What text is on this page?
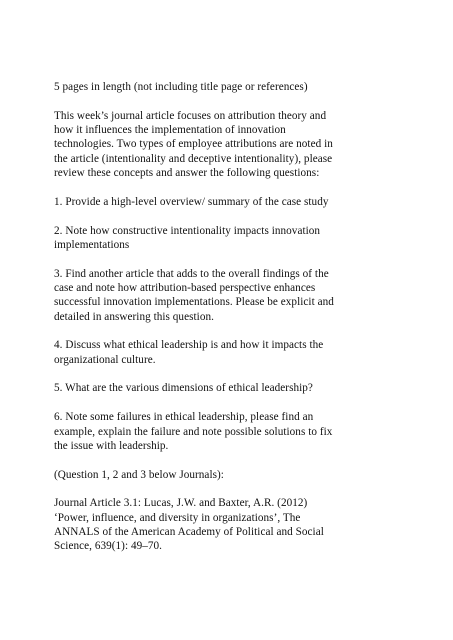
5 pages in length (not including title page or references)

This week’s journal article focuses on attribution theory and
how it influences the implementation of innovation
technologies. Two types of employee attributions are noted in
the article (intentionality and deceptive intentionality), please
review these concepts and answer the following questions:

1. Provide a high-level overview/ summary of the case study

2. Note how constructive intentionality impacts innovation
implementations

3. Find another article that adds to the overall findings of the
case and note how attribution-based perspective enhances
successful innovation implementations. Please be explicit and
detailed in answering this question.

4. Discuss what ethical leadership is and how it impacts the
organizational culture.

5. What are the various dimensions of ethical leadership?

6. Note some failures in ethical leadership, please find an
example, explain the failure and note possible solutions to fix
the issue with leadership.

(Question 1, 2 and 3 below Journals):

Journal Article 3.1: Lucas, J.W. and Baxter, A.R. (2012)
‘Power, influence, and diversity in organizations’, The
ANNALS of the American Academy of Political and Social
Science, 639(1): 49–70.
